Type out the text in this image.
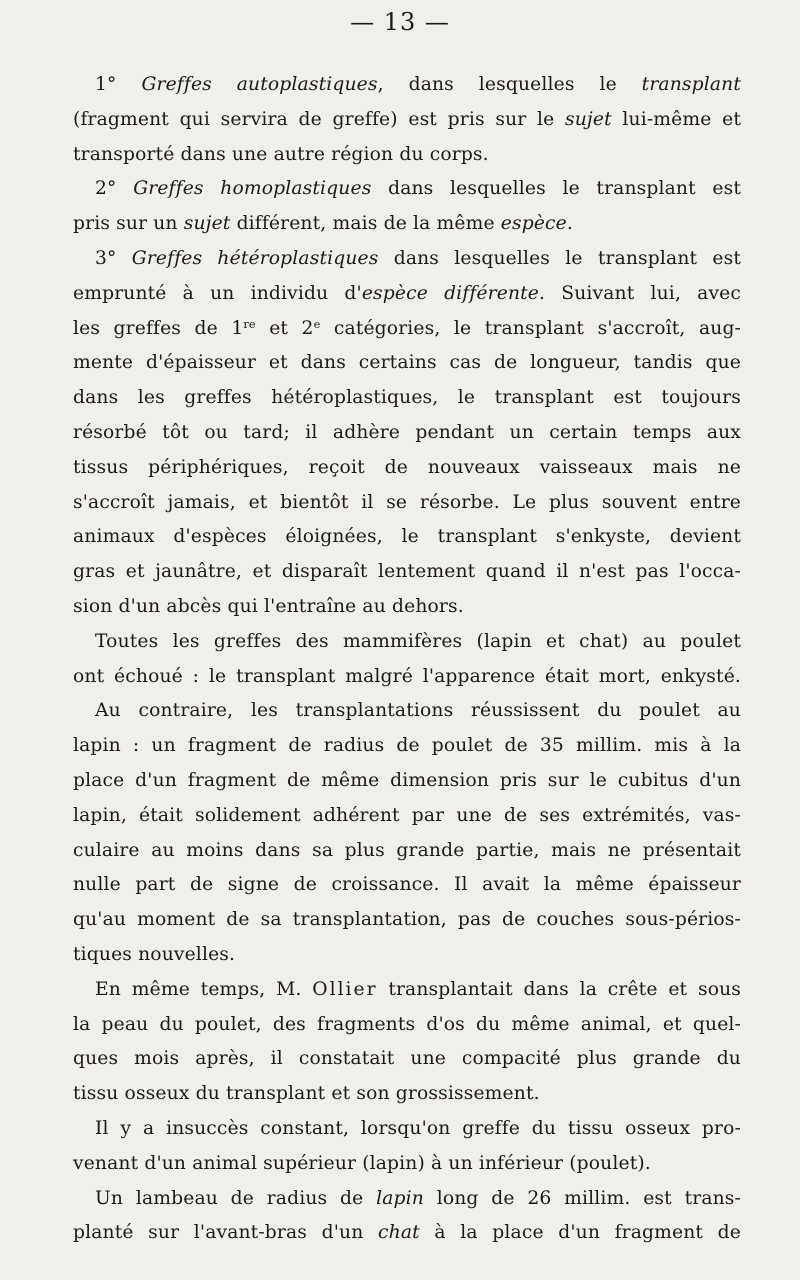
— 13 —
1° Greffes autoplastiques, dans lesquelles le transplant
(fragment qui servira de greffe) est pris sur le sujet lui-même et
transporté dans une autre région du corps.
2° Greffes homoplastiques dans lesquelles le transplant est
pris sur un sujet différent, mais de la même espèce.
3° Greffes hétéroplastiques dans lesquelles le transplant est
emprunté à un individu d'espèce différente. Suivant lui, avec
les greffes de 1re et 2e catégories, le transplant s'accroît, aug-
mente d'épaisseur et dans certains cas de longueur, tandis que
dans les greffes hétéroplastiques, le transplant est toujours
résorbé tôt ou tard; il adhère pendant un certain temps aux
tissus périphériques, reçoit de nouveaux vaisseaux mais ne
s'accroît jamais, et bientôt il se résorbe. Le plus souvent entre
animaux d'espèces éloignées, le transplant s'enkyste, devient
gras et jaunâtre, et disparaît lentement quand il n'est pas l'occa-
sion d'un abcès qui l'entraîne au dehors.
Toutes les greffes des mammifères (lapin et chat) au poulet
ont échoué : le transplant malgré l'apparence était mort, enkysté.
Au contraire, les transplantations réussissent du poulet au
lapin : un fragment de radius de poulet de 35 millim. mis à la
place d'un fragment de même dimension pris sur le cubitus d'un
lapin, était solidement adhérent par une de ses extrémités, vas-
culaire au moins dans sa plus grande partie, mais ne présentait
nulle part de signe de croissance. Il avait la même épaisseur
qu'au moment de sa transplantation, pas de couches sous-périos-
tiques nouvelles.
En même temps, M. Ollier transplantait dans la crête et sous
la peau du poulet, des fragments d'os du même animal, et quel-
ques mois après, il constatait une compacité plus grande du
tissu osseux du transplant et son grossissement.
Il y a insuccès constant, lorsqu'on greffe du tissu osseux pro-
venant d'un animal supérieur (lapin) à un inférieur (poulet).
Un lambeau de radius de lapin long de 26 millim. est trans-
planté sur l'avant-bras d'un chat à la place d'un fragment de
